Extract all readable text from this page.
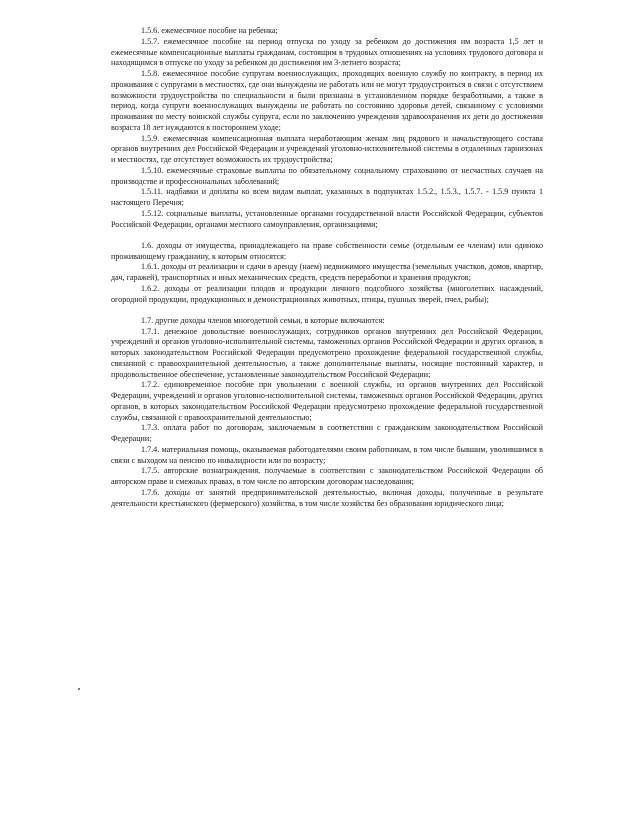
1.5.6. ежемесячное пособие на ребенка;

1.5.7. ежемесячное пособие на период отпуска по уходу за ребенком до достижения им возраста 1,5 лет и ежемесячные компенсационные выплаты гражданам, состоящим в трудовых отношениях на условиях трудового договора и находящимся в отпуске по уходу за ребенком до достижения им 3-летнего возраста;

1.5.8. ежемесячное пособие супругам военнослужащих, проходящих военную службу по контракту, в период их проживания с супругами в местностях, где они вынуждены не работать или не могут трудоустроиться в связи с отсутствием возможности трудоустройства по специальности и были признаны в установленном порядке безработными, а также в период, когда супруги военнослужащих вынуждены не работать по состоянию здоровья детей, связанному с условиями проживания по месту воинской службы супруга, если по заключению учреждения здравоохранения их дети до достижения возраста 18 лет нуждаются в постороннем уходе;

1.5.9. ежемесячная компенсационная выплата неработающим женам лиц рядового и начальствующего состава органов внутренних дел Российской Федерации и учреждений уголовно-исполнительной системы в отдаленных гарнизонах и местностях, где отсутствует возможность их трудоустройства;

1.5.10. ежемесячные страховые выплаты по обязательному социальному страхованию от несчастных случаев на производстве и профессиональных заболеваний;

1.5.11. надбавки и доплаты ко всем видам выплат, указанных в подпунктах 1.5.2., 1.5.3., 1.5.7. - 1.5.9 пункта 1 настоящего Перечня;

1.5.12. социальные выплаты, установленные органами государственной власти Российской Федерации, субъектов Российской Федерации, органами местного самоуправления, организациями;

1.6. доходы от имущества, принадлежащего на праве собственности семье (отдельным ее членам) или одиноко проживающему гражданину, к которым относятся:

1.6.1. доходы от реализации и сдачи в аренду (наем) недвижимого имущества (земельных участков, домов, квартир, дач, гаражей), транспортных и иных механических средств, средств переработки и хранения продуктов;

1.6.2. доходы от реализации плодов и продукции личного подсобного хозяйства (многолетних насаждений, огородной продукции, продукционных и демонстрационных животных, птицы, пушных зверей, пчел, рыбы);

1.7. другие доходы членов многодетной семьи, в которые включаются:

1.7.1. денежное довольствие военнослужащих, сотрудников органов внутренних дел Российской Федерации, учреждений и органов уголовно-исполнительной системы, таможенных органов Российской Федерации и других органов, в которых законодательством Российской Федерации предусмотрено прохождение федеральной государственной службы, связанной с правоохранительной деятельностью, а также дополнительные выплаты, носящие постоянный характер, и продовольственное обеспечение, установленные законодательством Российской Федерации;

1.7.2. единовременное пособие при увольнении с военной службы, из органов внутренних дел Российской Федерации, учреждений и органов уголовно-исполнительной системы, таможенных органов Российской Федерации, других органов, в которых законодательством Российской Федерации предусмотрено прохождение федеральной государственной службы, связанной с правоохранительной деятельностью;

1.7.3. оплата работ по договорам, заключаемым в соответствии с гражданским законодательством Российской Федерации;

1.7.4. материальная помощь, оказываемая работодателями своим работникам, в том числе бывшим, уволившимся в связи с выходом на пенсию по инвалидности или по возрасту;

1.7.5. авторские вознаграждения, получаемые в соответствии с законодательством Российской Федерации об авторском праве и смежных правах, в том числе по авторским договорам наследования;

1.7.6. доходы от занятий предпринимательской деятельностью, включая доходы, полученные в результате деятельности крестьянского (фермерского) хозяйства, в том числе хозяйства без образования юридического лица;
